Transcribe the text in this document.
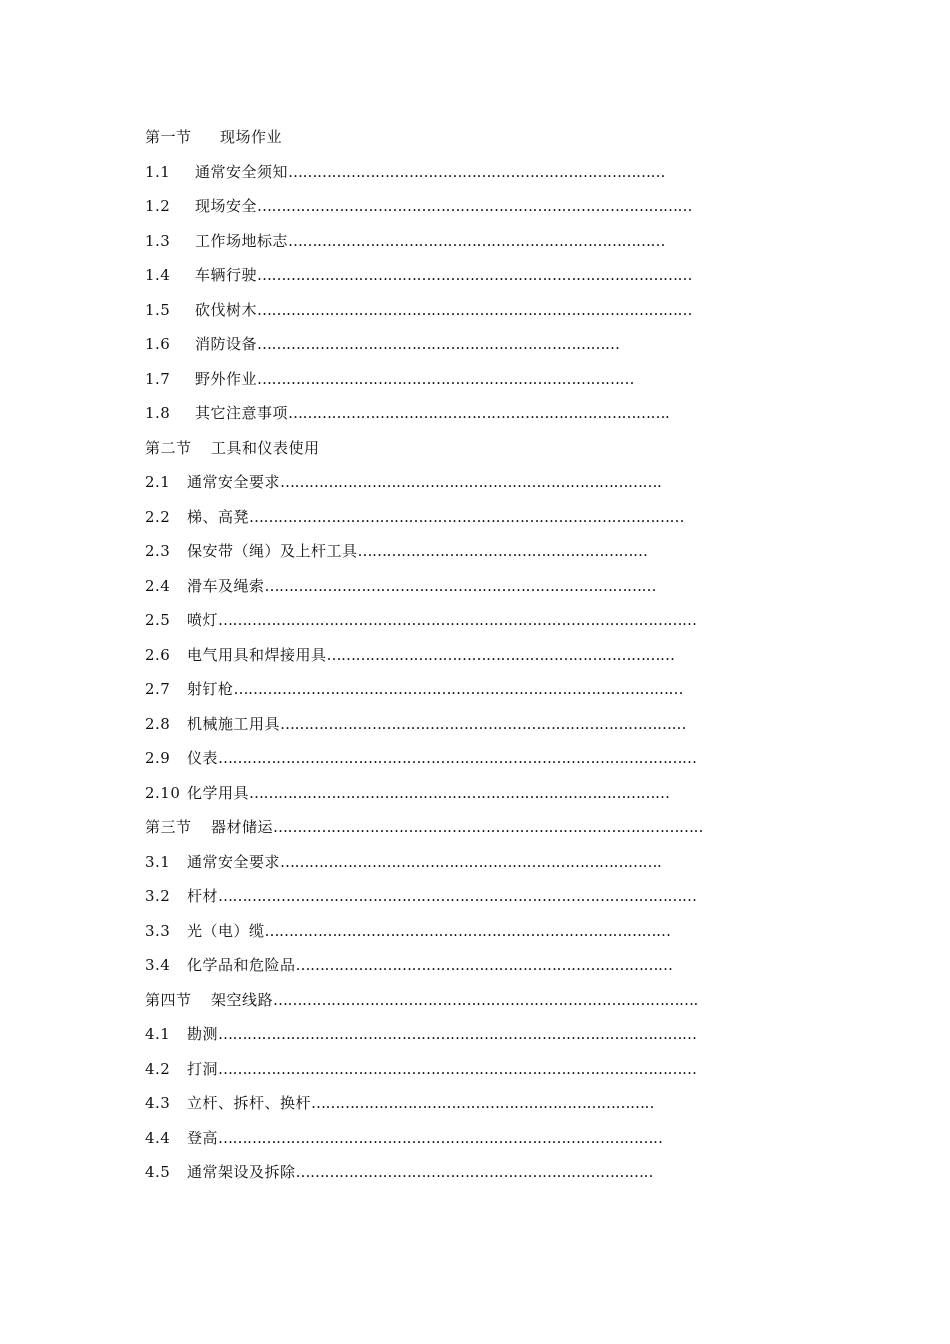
第一节 现场作业
1.1 通常安全须知……………………………………………………………………
1.2 现场安全………………………………………………………………………………
1.3 工作场地标志……………………………………………………………………
1.4 车辆行驶………………………………………………………………………………
1.5 砍伐树木………………………………………………………………………………
1.6 消防设备…………………………………………………………………
1.7 野外作业……………………………………………………………………
1.8 其它注意事项…………………………………………………………………….
第二节 工具和仪表使用
2.1 通常安全要求…………………………………………………………………….
2.2 梯、高凳………………………………………………………………………………
2.3 保安带（绳）及上杆工具……………………………………………………
2.4 滑车及绳索………………………………………………………………………
2.5 喷灯………………………………………………………………………………………
2.6 电气用具和焊接用具………………………………………………………………
2.7 射钉枪…………………………………………………………………………………
2.8 机械施工用具…………………………………………………………………………
2.9 仪表………………………………………………………………………………………
2.10 化学用具……………………………………………………………………………
第三节 器材储运……………………………………………………………………………‥
3.1 通常安全要求…………………………………………………………………….
3.2 杆材………………………………………………………………………………………
3.3 光（电）缆…………………………………………………………………………
3.4 化学品和危险品……………………………………………………………………
第四节 架空线路…………………………………………………………………………….
4.1 勘测………………………………………………………………………………………
4.2 打洞………………………………………………………………………………………
4.3 立杆、拆杆、换杆……………………………………………………………‥
4.4 登高………………………………………………………………………………‥
4.5 通常架设及拆除………………………………………………………………‥
